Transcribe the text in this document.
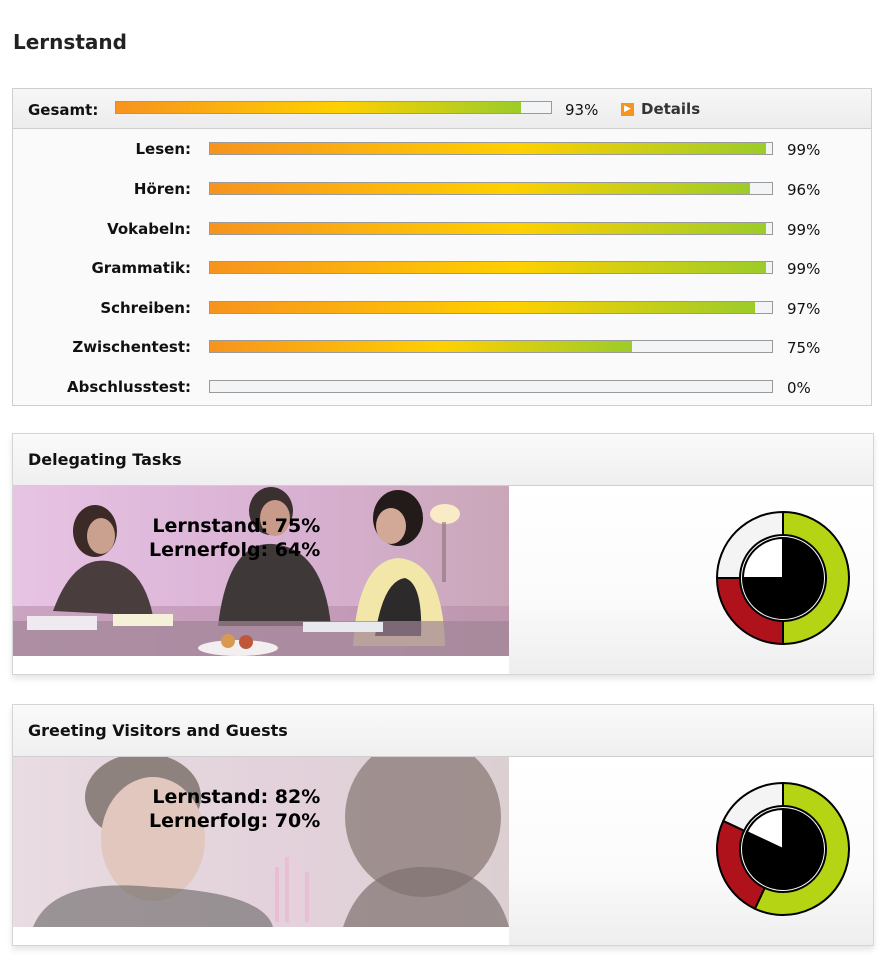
Lernstand
Gesamt:	93%	▶ Details
Lesen:	99%
Hören:	96%
Vokabeln:	99%
Grammatik:	99%
Schreiben:	97%
Zwischentest:	75%
Abschlusstest:	0%
Delegating Tasks
Lernstand: 75%
Lernerfolg: 64%
Greeting Visitors and Guests
Lernstand: 82%
Lernerfolg: 70%
